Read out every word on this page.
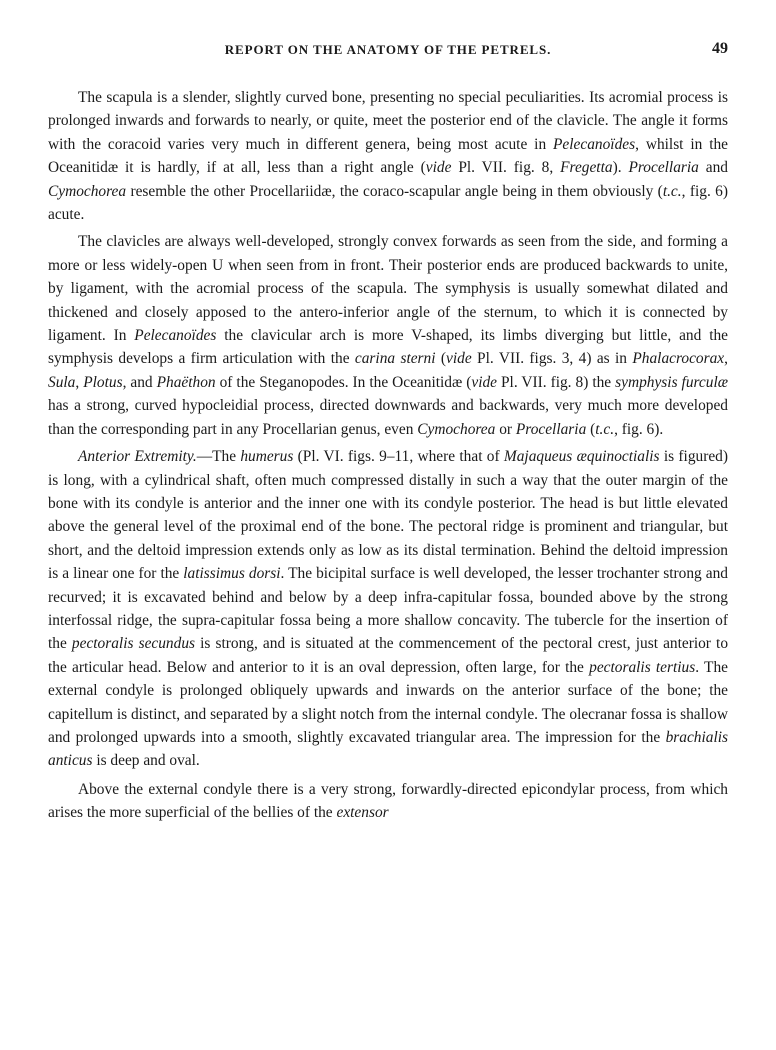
REPORT ON THE ANATOMY OF THE PETRELS.	49

The scapula is a slender, slightly curved bone, presenting no special peculiarities. Its acromial process is prolonged inwards and forwards to nearly, or quite, meet the posterior end of the clavicle. The angle it forms with the coracoid varies very much in different genera, being most acute in Pelecanoïdes, whilst in the Oceanitidæ it is hardly, if at all, less than a right angle (vide Pl. VII. fig. 8, Fregetta). Procellaria and Cymochorea resemble the other Procellariidæ, the coraco-scapular angle being in them obviously (t.c., fig. 6) acute.

The clavicles are always well-developed, strongly convex forwards as seen from the side, and forming a more or less widely-open U when seen from in front. Their posterior ends are produced backwards to unite, by ligament, with the acromial process of the scapula. The symphysis is usually somewhat dilated and thickened and closely apposed to the antero-inferior angle of the sternum, to which it is connected by ligament. In Pelecanoïdes the clavicular arch is more V-shaped, its limbs diverging but little, and the symphysis develops a firm articulation with the carina sterni (vide Pl. VII. figs. 3, 4) as in Phalacrocorax, Sula, Plotus, and Phaëthon of the Steganopodes. In the Oceanitidæ (vide Pl. VII. fig. 8) the symphysis furculæ has a strong, curved hypocleidial process, directed downwards and backwards, very much more developed than the corresponding part in any Procellarian genus, even Cymochorea or Procellaria (t.c., fig. 6).

Anterior Extremity.—The humerus (Pl. VI. figs. 9–11, where that of Majaqueus æquinoctialis is figured) is long, with a cylindrical shaft, often much compressed distally in such a way that the outer margin of the bone with its condyle is anterior and the inner one with its condyle posterior. The head is but little elevated above the general level of the proximal end of the bone. The pectoral ridge is prominent and triangular, but short, and the deltoid impression extends only as low as its distal termination. Behind the deltoid impression is a linear one for the latissimus dorsi. The bicipital surface is well developed, the lesser trochanter strong and recurved; it is excavated behind and below by a deep infra-capitular fossa, bounded above by the strong interfossal ridge, the supra-capitular fossa being a more shallow concavity. The tubercle for the insertion of the pectoralis secundus is strong, and is situated at the commencement of the pectoral crest, just anterior to the articular head. Below and anterior to it is an oval depression, often large, for the pectoralis tertius. The external condyle is prolonged obliquely upwards and inwards on the anterior surface of the bone; the capitellum is distinct, and separated by a slight notch from the internal condyle. The olecranar fossa is shallow and prolonged upwards into a smooth, slightly excavated triangular area. The impression for the brachialis anticus is deep and oval.

Above the external condyle there is a very strong, forwardly-directed epicondylar process, from which arises the more superficial of the bellies of the extensor
